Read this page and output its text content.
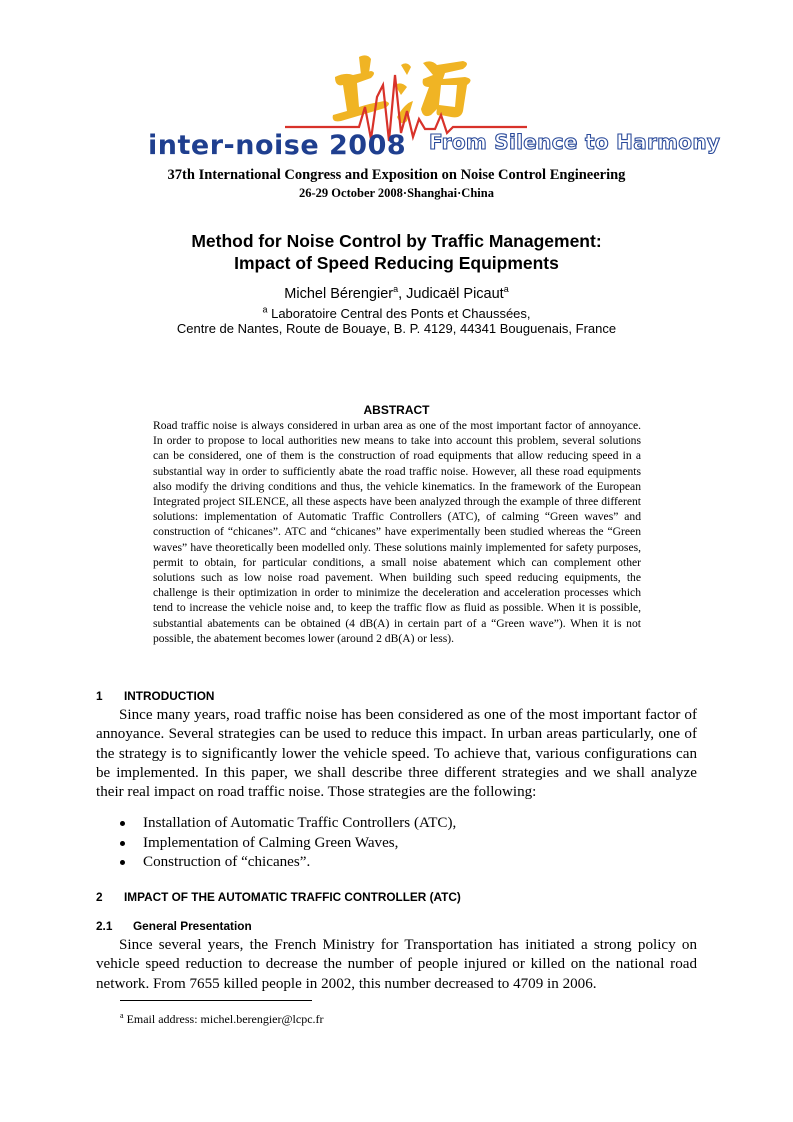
inter-noise 2008 From Silence to Harmony
37th International Congress and Exposition on Noise Control Engineering
26-29 October 2008·Shanghai·China
Method for Noise Control by Traffic Management:
Impact of Speed Reducing Equipments
Michel Bérengier$^a$, Judicaël Picaut$^a$
$^a$ Laboratoire Central des Ponts et Chaussées,
Centre de Nantes, Route de Bouaye, B. P. 4129, 44341 Bouguenais, France
ABSTRACT
Road traffic noise is always considered in urban area as one of the most important factor of annoyance. In order to propose to local authorities new means to take into account this problem, several solutions can be considered, one of them is the construction of road equipments that allow reducing speed in a substantial way in order to sufficiently abate the road traffic noise. However, all these road equipments also modify the driving conditions and thus, the vehicle kinematics. In the framework of the European Integrated project SILENCE, all these aspects have been analyzed through the example of three different solutions: implementation of Automatic Traffic Controllers (ATC), of calming “Green waves” and construction of “chicanes”. ATC and “chicanes” have experimentally been studied whereas the “Green waves” have theoretically been modelled only. These solutions mainly implemented for safety purposes, permit to obtain, for particular conditions, a small noise abatement which can complement other solutions such as low noise road pavement. When building such speed reducing equipments, the challenge is their optimization in order to minimize the deceleration and acceleration processes which tend to increase the vehicle noise and, to keep the traffic flow as fluid as possible. When it is possible, substantial abatements can be obtained (4 dB(A) in certain part of a “Green wave”). When it is not possible, the abatement becomes lower (around 2 dB(A) or less).
1 INTRODUCTION
Since many years, road traffic noise has been considered as one of the most important factor of annoyance. Several strategies can be used to reduce this impact. In urban areas particularly, one of the strategy is to significantly lower the vehicle speed. To achieve that, various configurations can be implemented. In this paper, we shall describe three different strategies and we shall analyze their real impact on road traffic noise. Those strategies are the following:
Installation of Automatic Traffic Controllers (ATC),
Implementation of Calming Green Waves,
Construction of “chicanes”.
2 IMPACT OF THE AUTOMATIC TRAFFIC CONTROLLER (ATC)
2.1 General Presentation
Since several years, the French Ministry for Transportation has initiated a strong policy on vehicle speed reduction to decrease the number of people injured or killed on the national road network. From 7655 killed people in 2002, this number decreased to 4709 in 2006.
$^a$ Email address: michel.berengier@lcpc.fr
